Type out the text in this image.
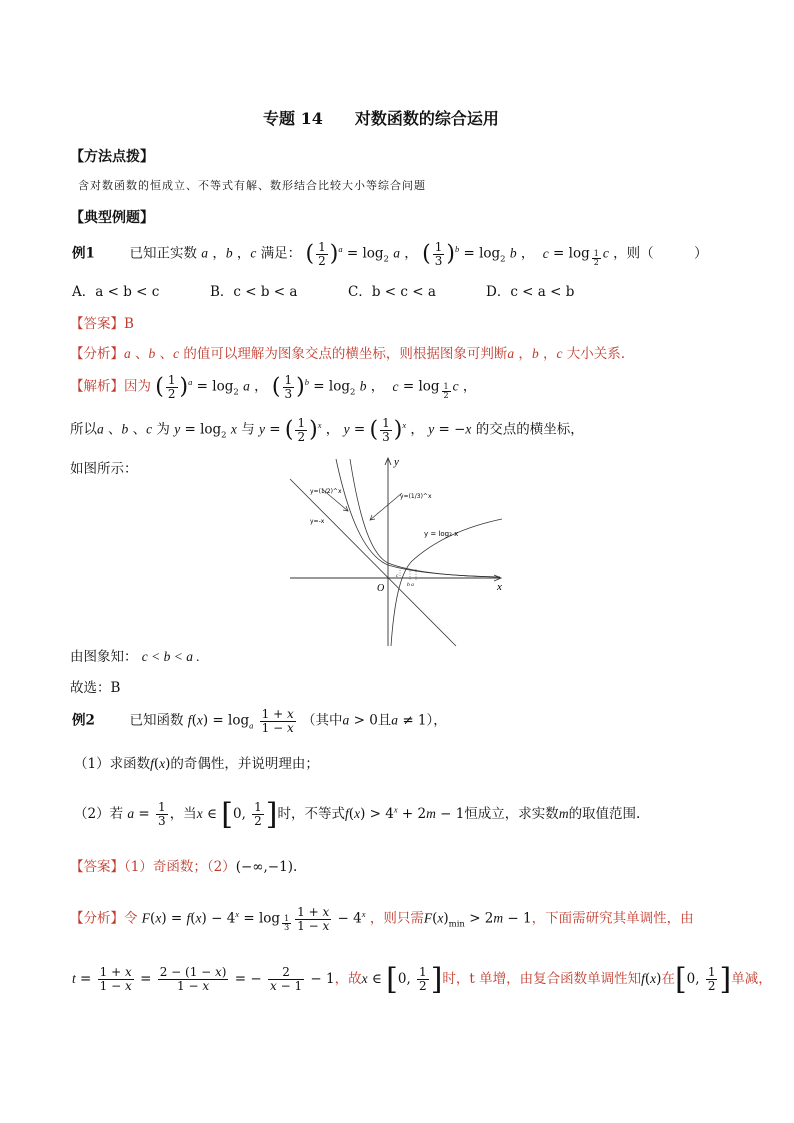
专题 14　　对数函数的综合运用
【方法点拨】
含对数函数的恒成立、不等式有解、数形结合比较大小等综合问题
【典型例题】
例1	已知正实数 a ，b ，c 满足： ( $\frac{1}{2} )^a = \log_2 a$ ， ( $\frac{1}{3} )^b = \log_2 b$ ， c = log $_{\frac{1}{2}}$ c ，则（　　　）
A．a < b < c	B．c < b < a	C．b < c < a	D．c < a < b
【答案】B
【分析】a 、b 、c 的值可以理解为图象交点的横坐标，则根据图象可判断a ，b ，c 大小关系.
【解析】因为 ( $\frac{1}{2} )^a = \log_2 a$ ， ( $\frac{1}{3} )^b = \log_2 b$ ， c = log $_{\frac{1}{2}}$ c ，
所以a 、b 、c 为 $y = \log_2 x$ 与 y = ( $\frac{1}{2} )^x$ ， y = ( $\frac{1}{3} )^x$ ， y = −x 的交点的横坐标，
如图所示：
x
y
O
y=(1/2)^x
y=(1/3)^x
y=-x
y = log₂ x
c
b a
由图象知： c < b < a .
故选：B
例2	已知函数 $f(x) = \log_a \frac{1 + x}{1 - x}$ （其中a > 0且a ≠ 1），
（1）求函数f(x)的奇偶性，并说明理由；
（2）若 $a = \frac{1}{3}$ ，当x ∈ [0, $\frac{1}{2}$ ]时，不等式$f(x) > 4^x + 2m - 1$恒成立，求实数m的取值范围.
【答案】（1）奇函数；（2）(−∞,−1).
【分析】令 $F(x) = f(x) - 4^x = \log _{\frac{1}{3}} \frac{1 + x}{1 - x} - 4^x$ ，则只需$F(x)_{min} > 2m - 1$，下面需研究其单调性，由
$t = \frac{1 + x}{1 - x} = \frac{2 - (1 - x)}{1 - x}$ = − $\frac{2}{x - 1} - 1$，故x ∈ [0, $\frac{1}{2}$ ]时，t 单增，由复合函数单调性知f(x)在[0, $\frac{1}{2}$ ]单减，
